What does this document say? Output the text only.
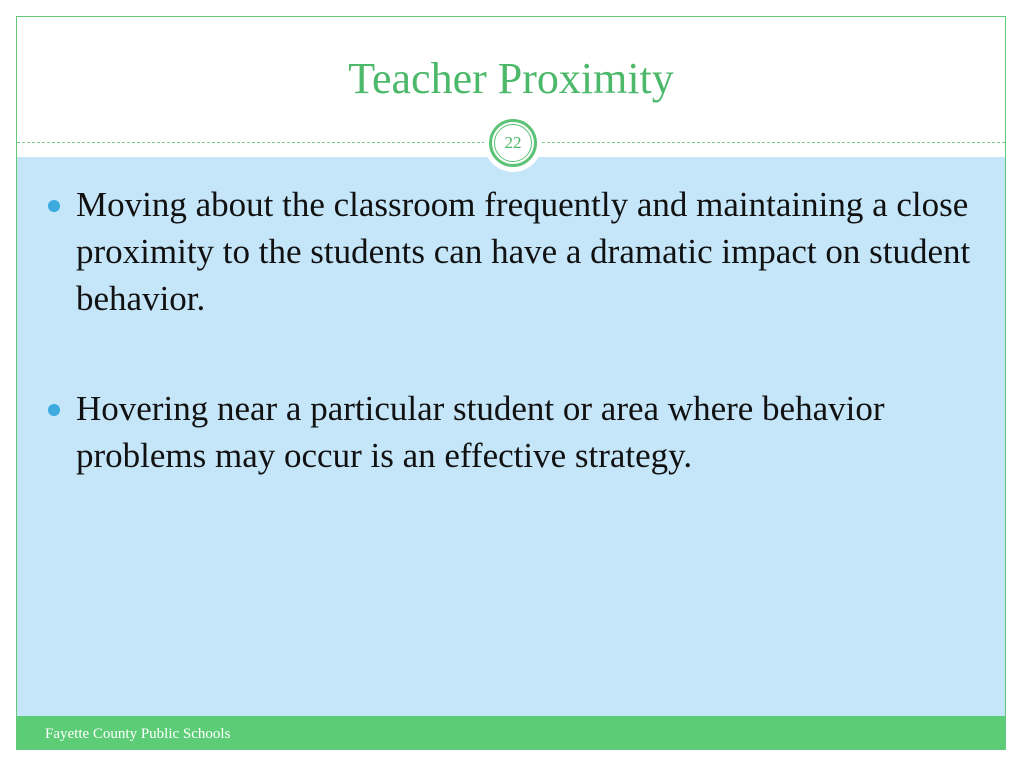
Teacher Proximity
Moving about the classroom frequently and maintaining a close proximity to the students can have a dramatic impact on student behavior.
Hovering near a particular student or area where behavior problems may occur is an effective strategy.
22
Fayette County Public Schools
